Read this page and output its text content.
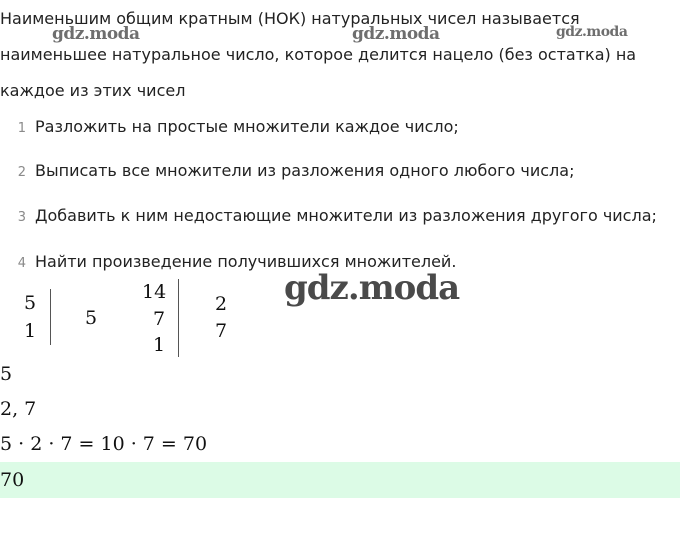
Наименьшим общим кратным (НОК) натуральных чисел называется
наименьшее натуральное число, которое делится нацело (без остатка) на
каждое из этих чисел
gdz.moda	gdz.moda	gdz.moda
1 Разложить на простые множители каждое число;
2 Выписать все множители из разложения одного любого числа;
3 Добавить к ним недостающие множители из разложения другого числа;
4 Найти произведение получившихся множителей.
5
1
5
14
7
1
2
7
gdz.moda
5
2, 7
5 · 2 · 7 = 10 · 7 = 70
70
